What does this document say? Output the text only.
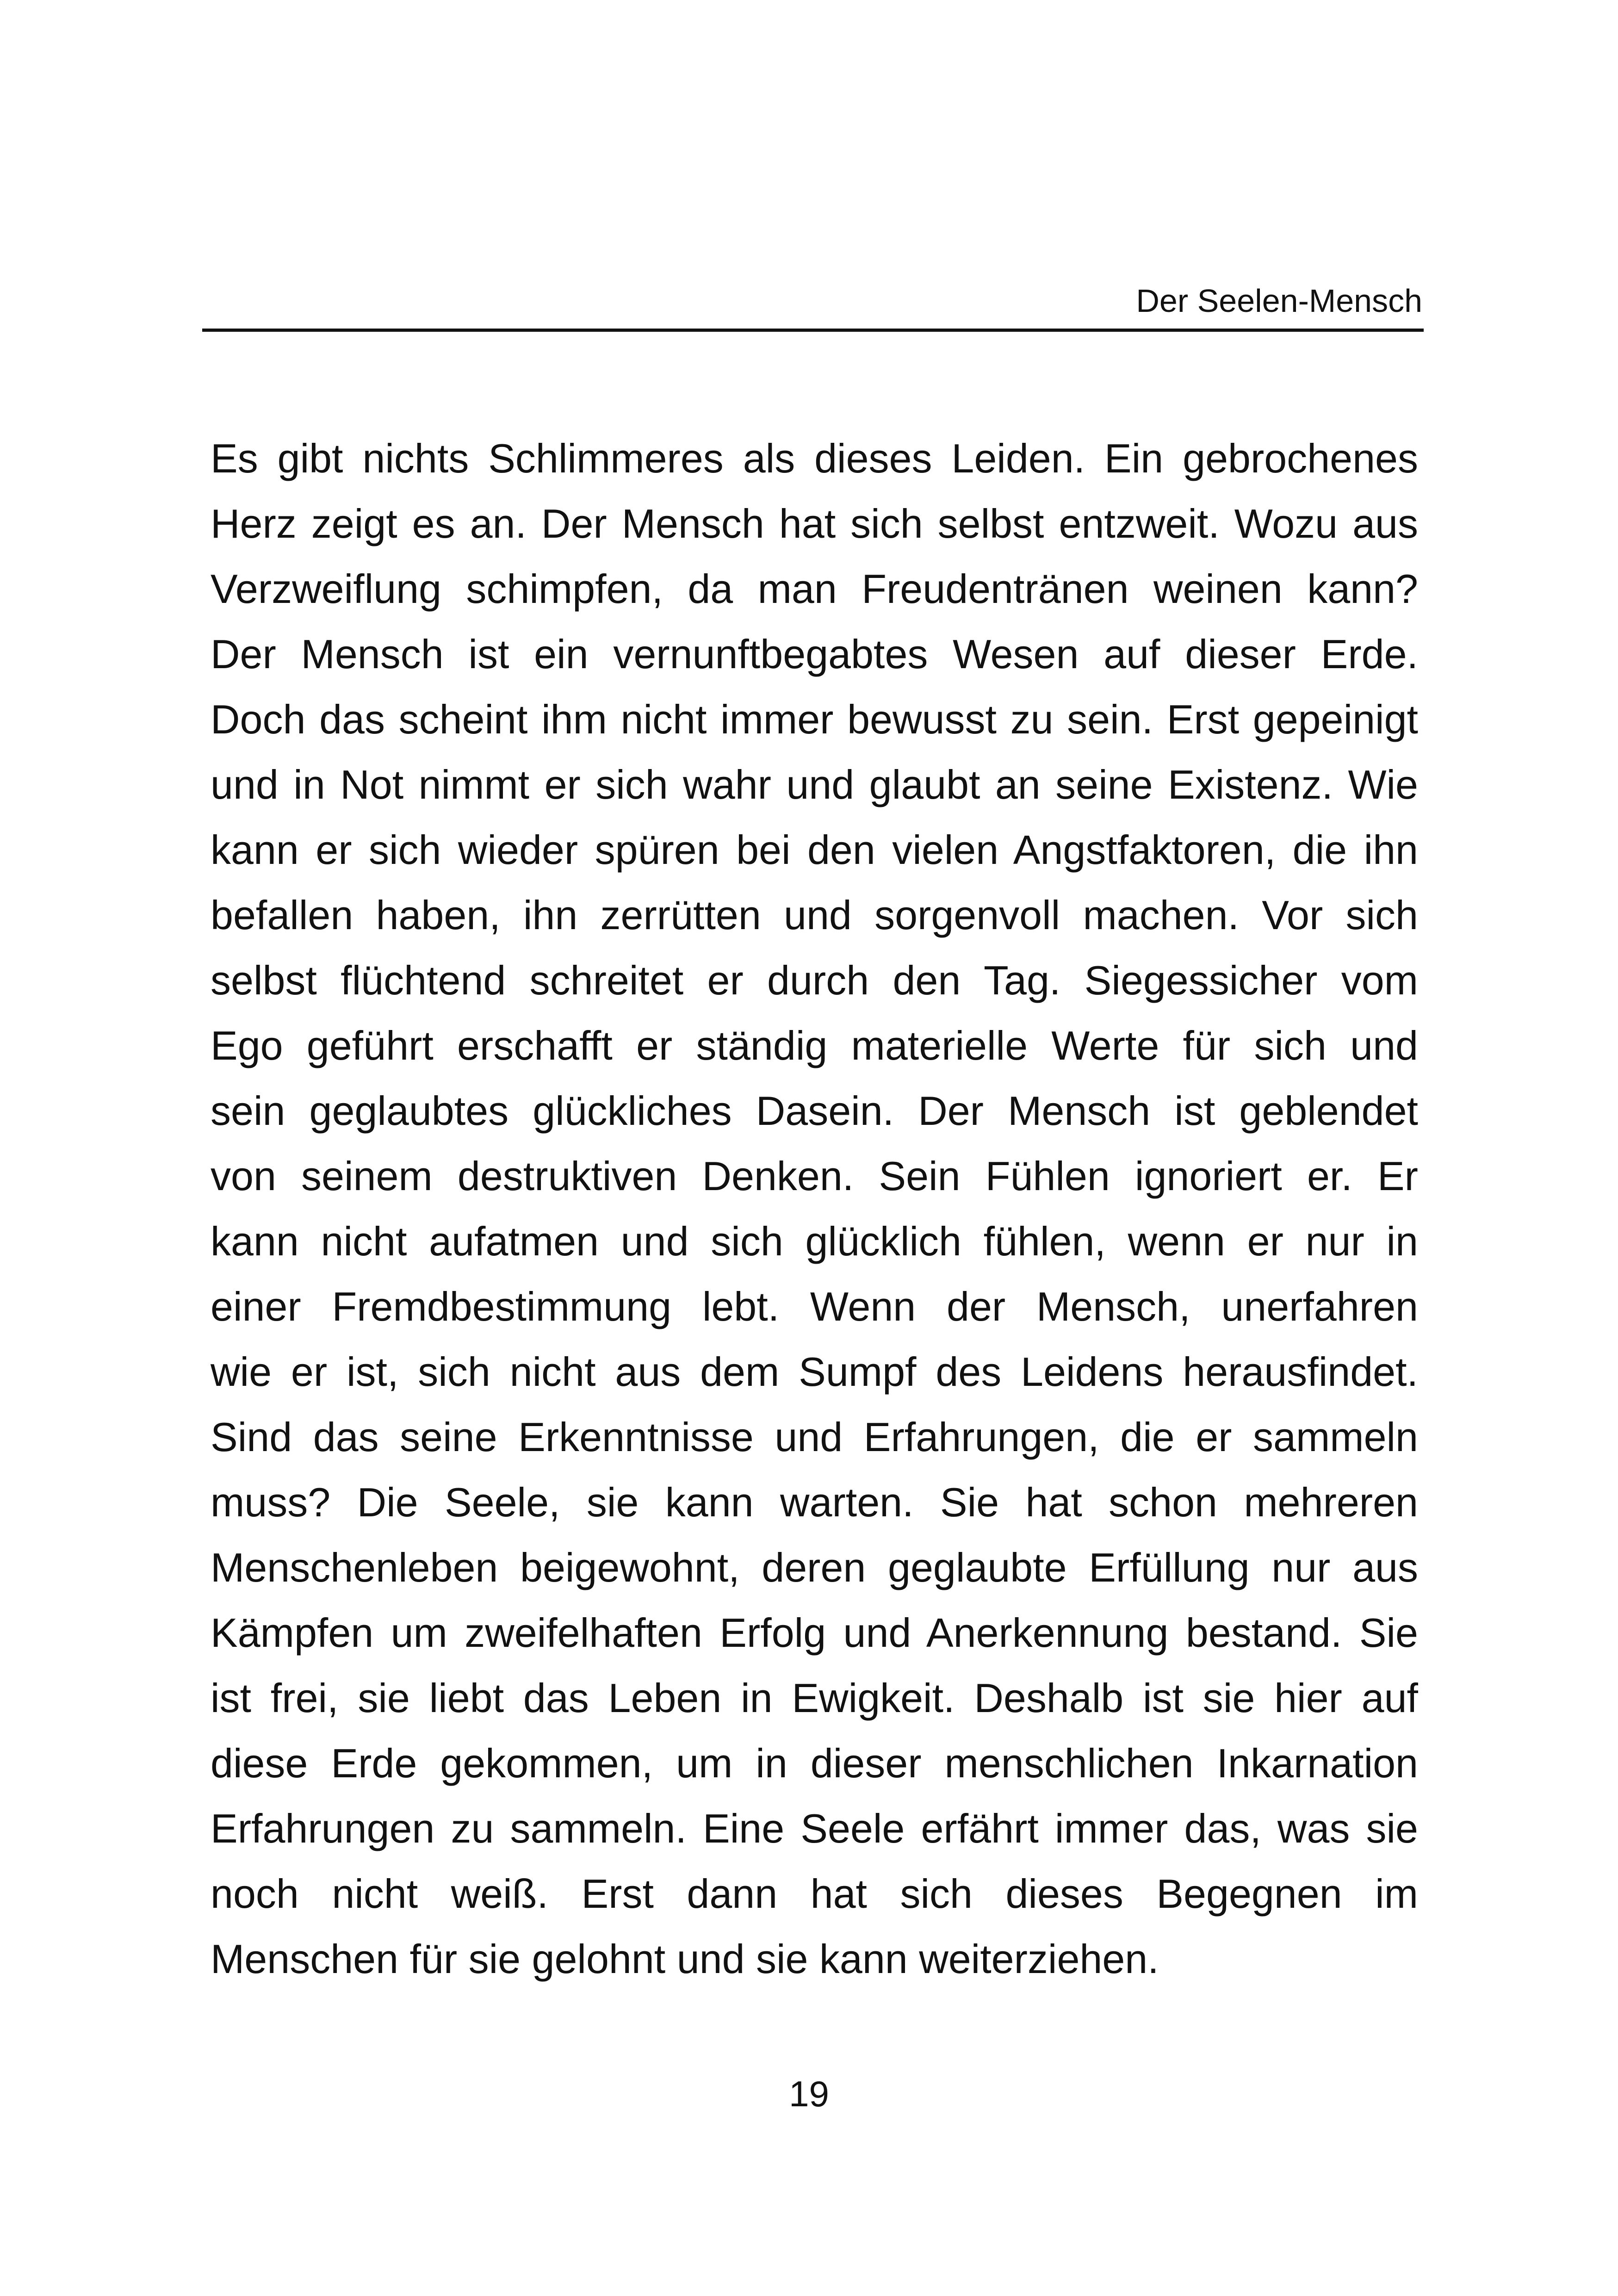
Der Seelen-Mensch
Es gibt nichts Schlimmeres als dieses Leiden. Ein gebrochenes
Herz zeigt es an. Der Mensch hat sich selbst entzweit. Wozu aus
Verzweiflung schimpfen, da man Freudentränen weinen kann?
Der Mensch ist ein vernunftbegabtes Wesen auf dieser Erde.
Doch das scheint ihm nicht immer bewusst zu sein. Erst gepeinigt
und in Not nimmt er sich wahr und glaubt an seine Existenz. Wie
kann er sich wieder spüren bei den vielen Angstfaktoren, die ihn
befallen haben, ihn zerrütten und sorgenvoll machen. Vor sich
selbst flüchtend schreitet er durch den Tag. Siegessicher vom
Ego geführt erschafft er ständig materielle Werte für sich und
sein geglaubtes glückliches Dasein. Der Mensch ist geblendet
von seinem destruktiven Denken. Sein Fühlen ignoriert er. Er
kann nicht aufatmen und sich glücklich fühlen, wenn er nur in
einer Fremdbestimmung lebt. Wenn der Mensch, unerfahren
wie er ist, sich nicht aus dem Sumpf des Leidens herausfindet.
Sind das seine Erkenntnisse und Erfahrungen, die er sammeln
muss? Die Seele, sie kann warten. Sie hat schon mehreren
Menschenleben beigewohnt, deren geglaubte Erfüllung nur aus
Kämpfen um zweifelhaften Erfolg und Anerkennung bestand. Sie
ist frei, sie liebt das Leben in Ewigkeit. Deshalb ist sie hier auf
diese Erde gekommen, um in dieser menschlichen Inkarnation
Erfahrungen zu sammeln. Eine Seele erfährt immer das, was sie
noch nicht weiß. Erst dann hat sich dieses Begegnen im
Menschen für sie gelohnt und sie kann weiterziehen.
19
